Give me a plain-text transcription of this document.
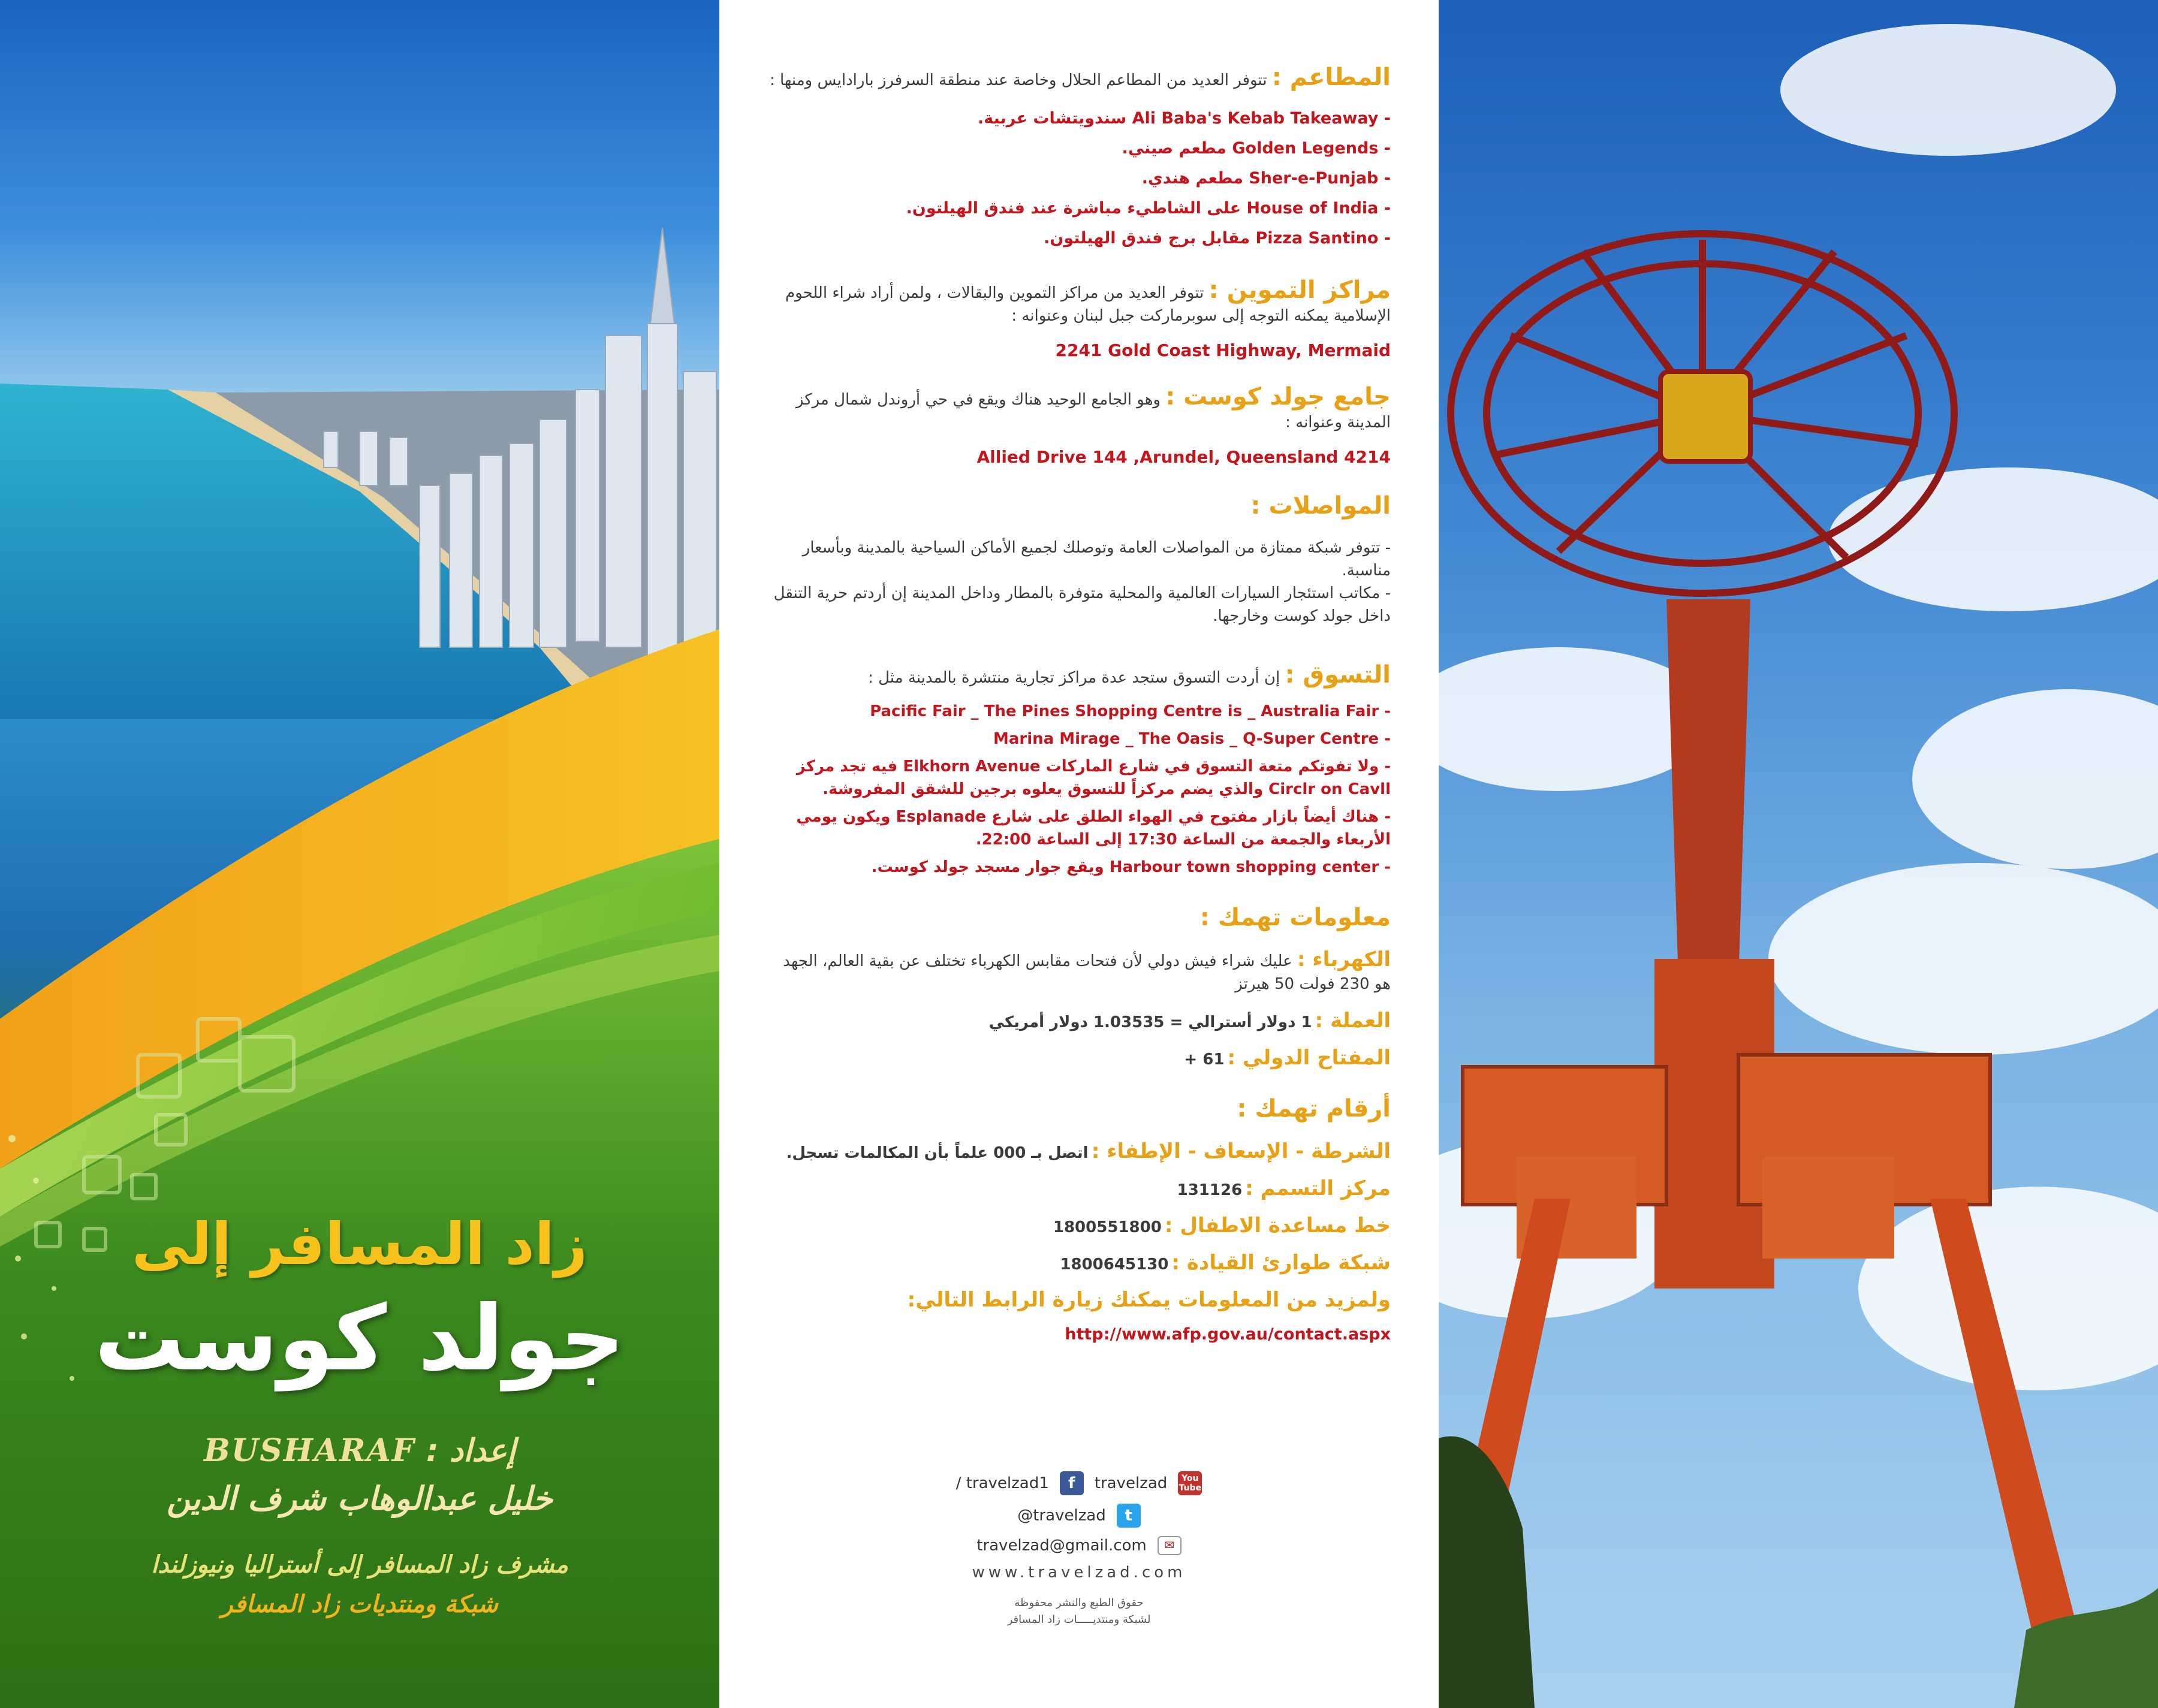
زاد المسافر إلى
جولد كوست
إعداد : BUSHARAF
خليل عبدالوهاب شرف الدين
مشرف زاد المسافر إلى أستراليا ونيوزلندا
شبكة ومنتديات زاد المسافر
المطاعم : تتوفر العديد من المطاعم الحلال وخاصة عند منطقة السرفرز بارادايس ومنها :
- Ali Baba's Kebab Takeaway سندويتشات عربية.
- Golden Legends مطعم صيني.
- Sher-e-Punjab مطعم هندي.
- House of India على الشاطيء مباشرة عند فندق الهيلتون.
- Pizza Santino مقابل برج فندق الهيلتون.
مراكز التموين : تتوفر العديد من مراكز التموين والبقالات ، ولمن أراد شراء اللحوم الإسلامية يمكنه التوجه إلى سوبرماركت جبل لبنان وعنوانه :
2241 Gold Coast Highway, Mermaid
جامع جولد كوست : وهو الجامع الوحيد هناك ويقع في حي أروندل شمال مركز المدينة وعنوانه :
Allied Drive 144 ,Arundel, Queensland 4214
المواصلات :
- تتوفر شبكة ممتازة من المواصلات العامة وتوصلك لجميع الأماكن السياحية بالمدينة وبأسعار مناسبة.
- مكاتب استئجار السيارات العالمية والمحلية متوفرة بالمطار وداخل المدينة إن أردتم حرية التنقل داخل جولد كوست وخارجها.
التسوق : إن أردت التسوق ستجد عدة مراكز تجارية منتشرة بالمدينة مثل :
- Pacific Fair _ The Pines Shopping Centre is _ Australia Fair
- Marina Mirage _ The Oasis _ Q-Super Centre
- ولا تفوتكم متعة التسوق في شارع الماركات Elkhorn Avenue فيه تجد مركز Circlr on Cavll والذي يضم مركزاً للتسوق يعلوه برجين للشقق المفروشة.
- هناك أيضاً بازار مفتوح في الهواء الطلق على شارع Esplanade ويكون يومي الأربعاء والجمعة من الساعة 17:30 إلى الساعة 22:00.
- Harbour town shopping center ويقع جوار مسجد جولد كوست.
معلومات تهمك :
الكهرباء : عليك شراء فيش دولي لأن فتحات مقابس الكهرباء تختلف عن بقية العالم، الجهد هو 230 فولت 50 هيرتز
العملة : 1 دولار أسترالي = 1.03535 دولار أمريكي
المفتاح الدولي : 61 +
أرقام تهمك :
الشرطة - الإسعاف - الإطفاء : اتصل بـ 000 علماً بأن المكالمات تسجل.
مركز التسمم : 131126
خط مساعدة الاطفال : 1800551800
شبكة طوارئ القيادة : 1800645130
ولمزيد من المعلومات يمكنك زيارة الرابط التالي:
http://www.afp.gov.au/contact.aspx
/ travelzad1	f	travelzad	You Tube
@travelzad	t
travelzad@gmail.com	✉
www.travelzad.com
حقوق الطبع والنشر محفوظة
لشبكة ومنتديـــــات زاد المسافر
